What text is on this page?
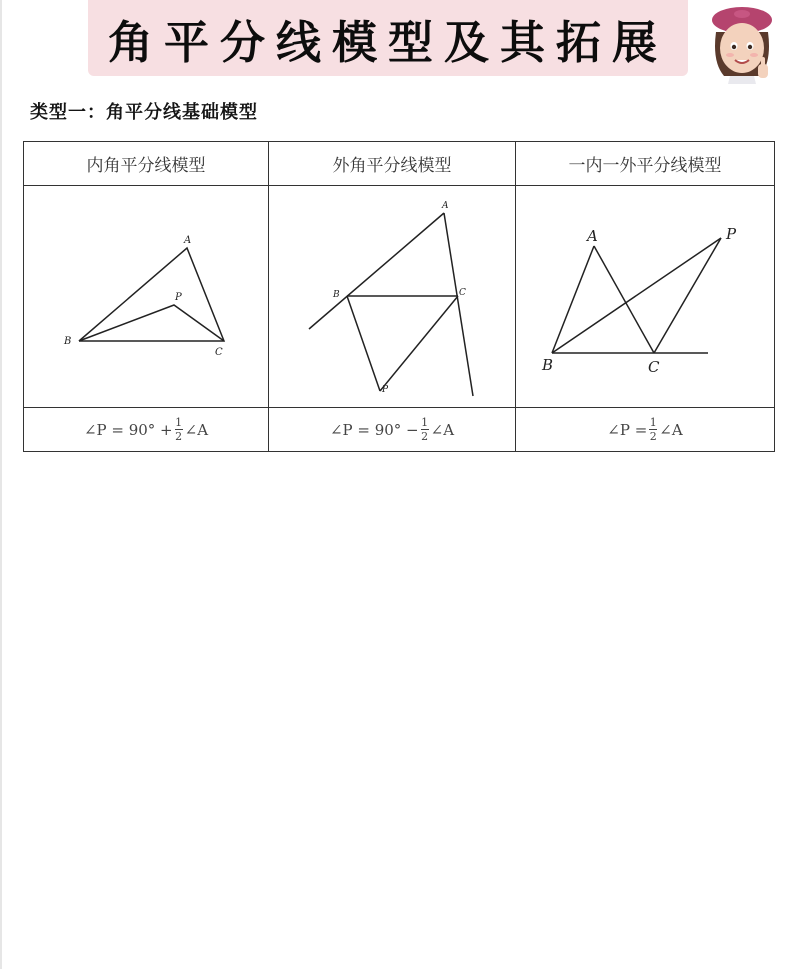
角平分线模型及其拓展
类型一：角平分线基础模型
内角平分线模型	外角平分线模型	一内一外平分线模型
A
P
B
C
A
B	C
P
A	P
B	C
∠P = $90^\circ + \frac{1}{2}$ ∠A	∠P = $90^\circ - \frac{1}{2}$ ∠A	∠P = $\frac{1}{2}$ ∠A
